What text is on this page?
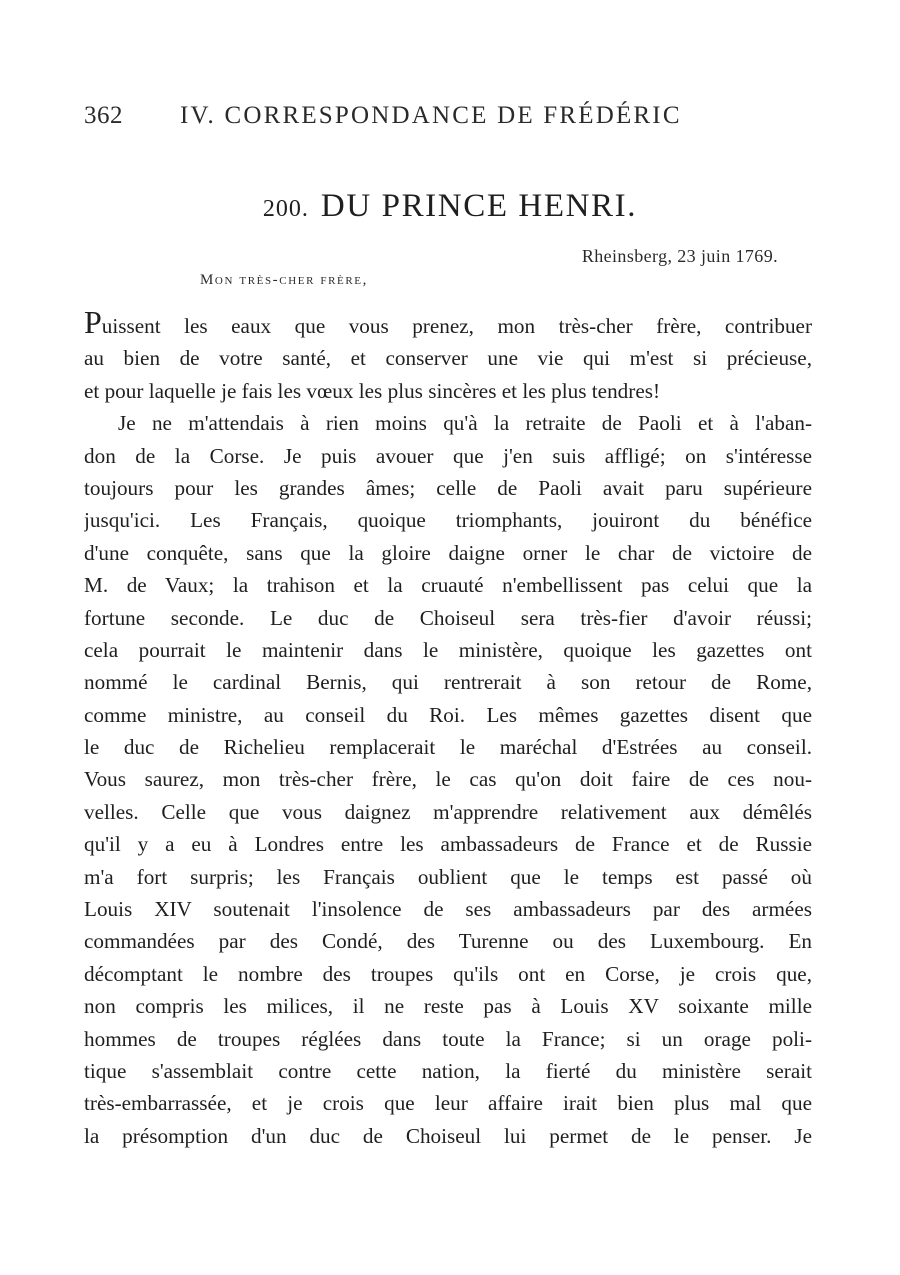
362 IV. CORRESPONDANCE DE FRÉDÉRIC
200. DU PRINCE HENRI.
Rheinsberg, 23 juin 1769.
Mon très-cher frère,
Puissent les eaux que vous prenez, mon très-cher frère, contribuer
au bien de votre santé, et conserver une vie qui m'est si précieuse,
et pour laquelle je fais les vœux les plus sincères et les plus tendres!
Je ne m'attendais à rien moins qu'à la retraite de Paoli et à l'aban-
don de la Corse. Je puis avouer que j'en suis affligé; on s'intéresse
toujours pour les grandes âmes; celle de Paoli avait paru supérieure
jusqu'ici. Les Français, quoique triomphants, jouiront du bénéfice
d'une conquête, sans que la gloire daigne orner le char de victoire de
M. de Vaux; la trahison et la cruauté n'embellissent pas celui que la
fortune seconde. Le duc de Choiseul sera très-fier d'avoir réussi;
cela pourrait le maintenir dans le ministère, quoique les gazettes ont
nommé le cardinal Bernis, qui rentrerait à son retour de Rome,
comme ministre, au conseil du Roi. Les mêmes gazettes disent que
le duc de Richelieu remplacerait le maréchal d'Estrées au conseil.
Vous saurez, mon très-cher frère, le cas qu'on doit faire de ces nou-
velles. Celle que vous daignez m'apprendre relativement aux démêlés
qu'il y a eu à Londres entre les ambassadeurs de France et de Russie
m'a fort surpris; les Français oublient que le temps est passé où
Louis XIV soutenait l'insolence de ses ambassadeurs par des armées
commandées par des Condé, des Turenne ou des Luxembourg. En
décomptant le nombre des troupes qu'ils ont en Corse, je crois que,
non compris les milices, il ne reste pas à Louis XV soixante mille
hommes de troupes réglées dans toute la France; si un orage poli-
tique s'assemblait contre cette nation, la fierté du ministère serait
très-embarrassée, et je crois que leur affaire irait bien plus mal que
la présomption d'un duc de Choiseul lui permet de le penser. Je
